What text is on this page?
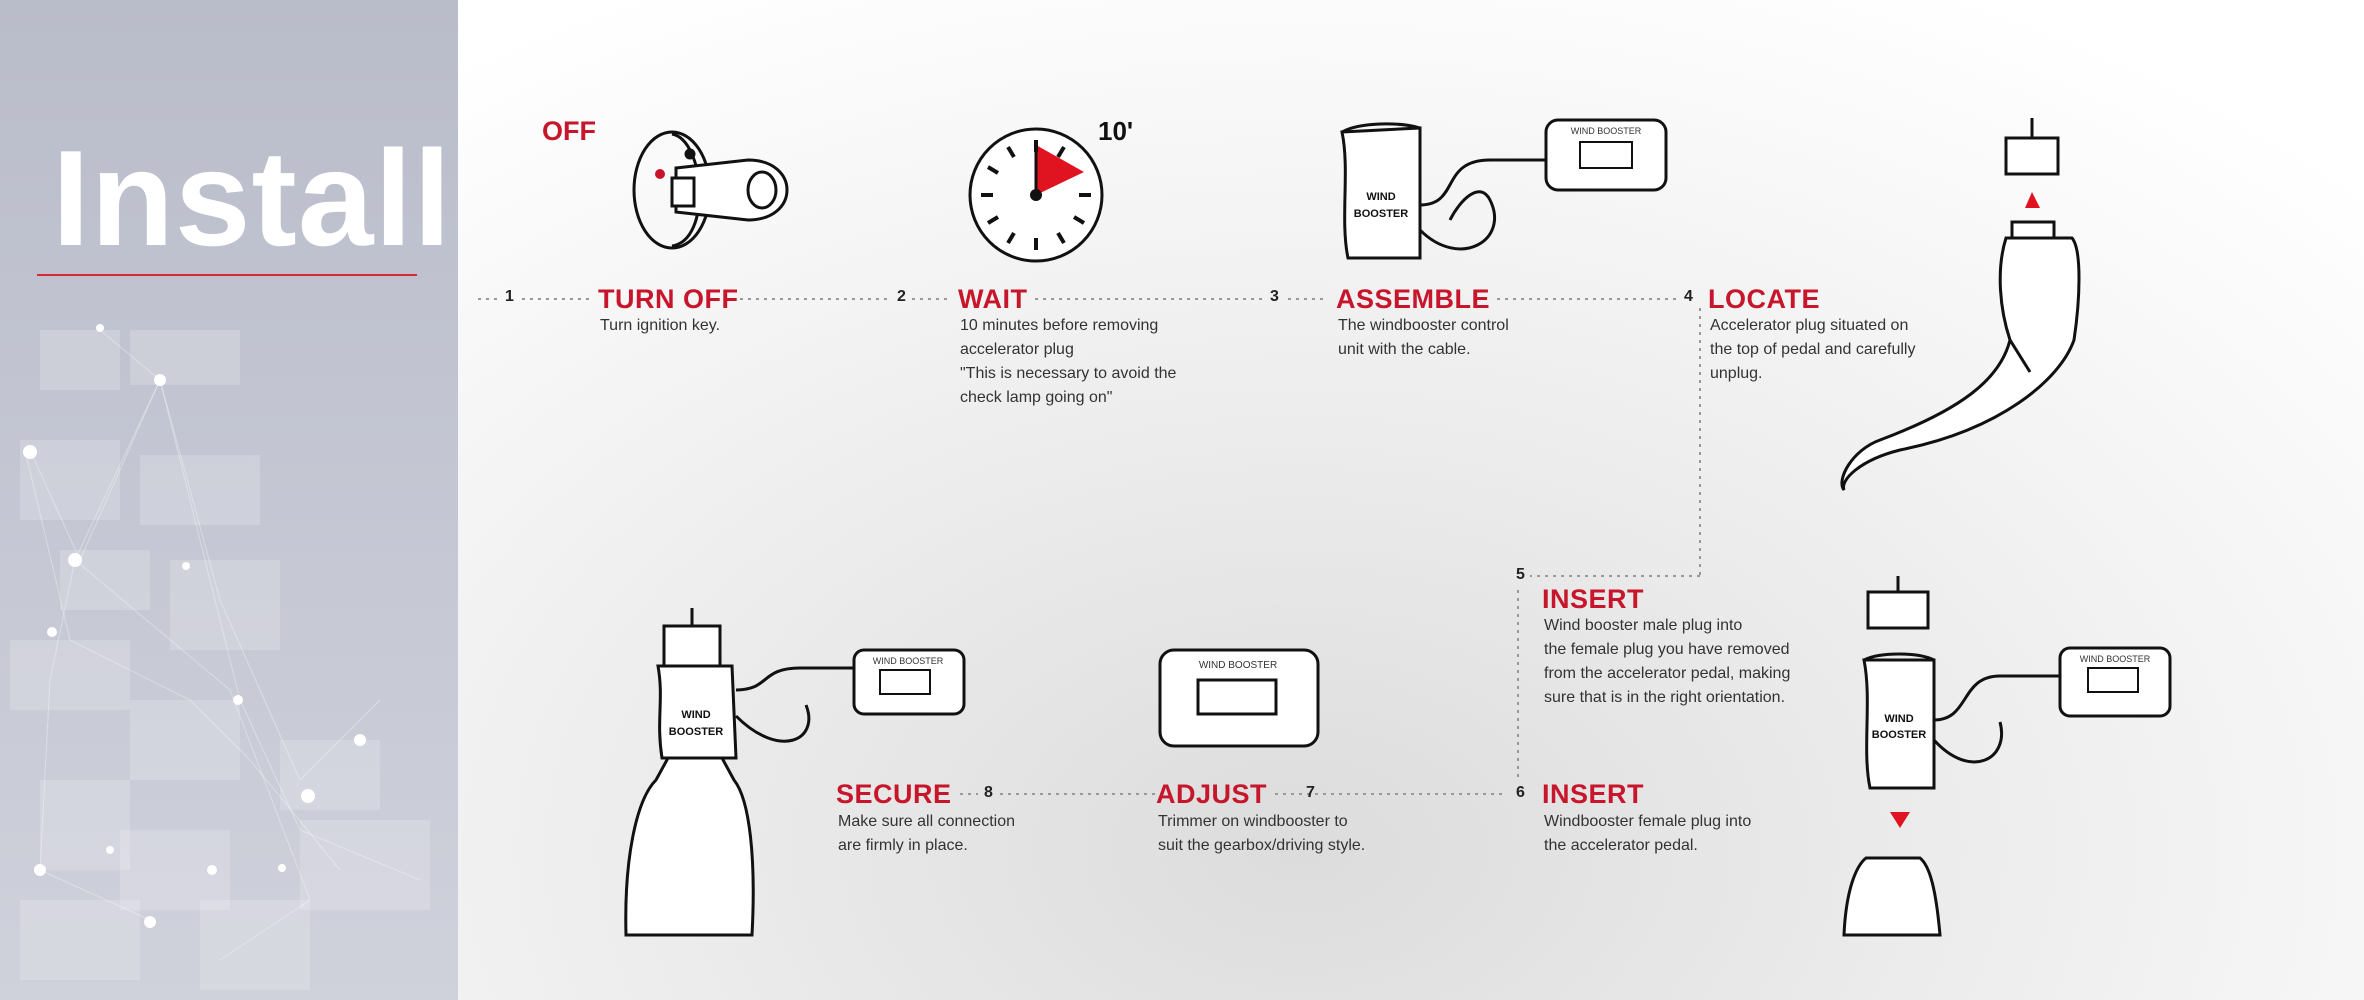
Install	OFF	10'
WIND
BOOSTER
WIND BOOSTER
WIND
BOOSTER
WIND BOOSTER
WIND BOOSTER
WIND
BOOSTER
WIND BOOSTER
1	TURN OFF
Turn ignition key.
2 WAIT
10 minutes before removing
accelerator plug
"This is necessary to avoid the
check lamp going on"
3 ASSEMBLE
The windbooster control
unit with the cable.
4 LOCATE
Accelerator plug situated on
the top of pedal and carefully
unplug.
5
INSERT
Wind booster male plug into
the female plug you have removed
from the accelerator pedal, making
sure that is in the right orientation.
6 INSERT
Windbooster female plug into
the accelerator pedal.
7
ADJUST
Trimmer on windbooster to
suit the gearbox/driving style.
8
SECURE
Make sure all connection
are firmly in place.
